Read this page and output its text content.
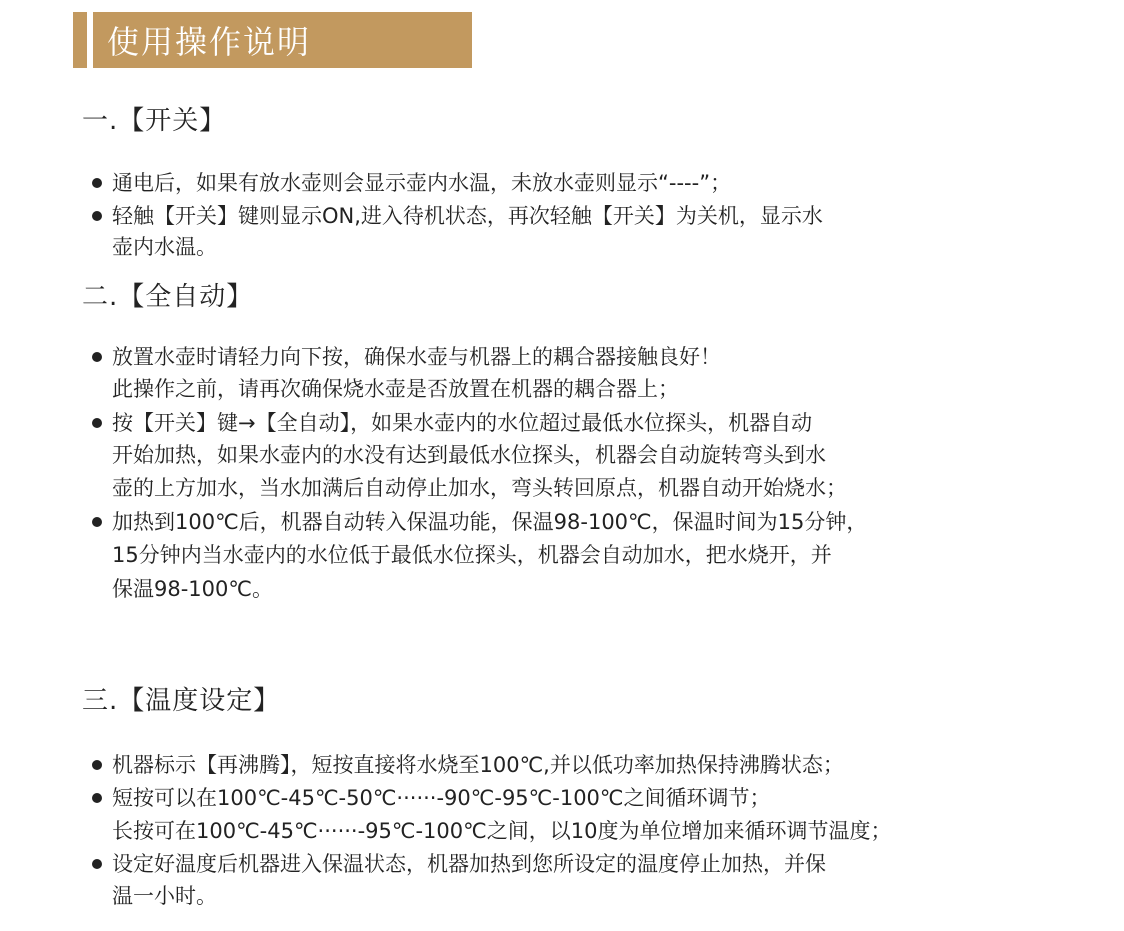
使用操作说明
一.【开关】
通电后，如果有放水壶则会显示壶内水温，未放水壶则显示“----”；
轻触【开关】键则显示ON,进入待机状态，再次轻触【开关】为关机，显示水
壶内水温。
二.【全自动】
放置水壶时请轻力向下按，确保水壶与机器上的耦合器接触良好！
此操作之前，请再次确保烧水壶是否放置在机器的耦合器上；
按【开关】键→【全自动】，如果水壶内的水位超过最低水位探头，机器自动
开始加热，如果水壶内的水没有达到最低水位探头，机器会自动旋转弯头到水
壶的上方加水，当水加满后自动停止加水，弯头转回原点，机器自动开始烧水；
加热到100℃后，机器自动转入保温功能，保温98-100℃，保温时间为15分钟，
15分钟内当水壶内的水位低于最低水位探头，机器会自动加水，把水烧开，并
保温98-100℃。
三.【温度设定】
机器标示【再沸腾】，短按直接将水烧至100℃,并以低功率加热保持沸腾状态；
短按可以在100℃-45℃-50℃······-90℃-95℃-100℃之间循环调节；
长按可在100℃-45℃······-95℃-100℃之间，以10度为单位增加来循环调节温度；
设定好温度后机器进入保温状态，机器加热到您所设定的温度停止加热，并保
温一小时。
